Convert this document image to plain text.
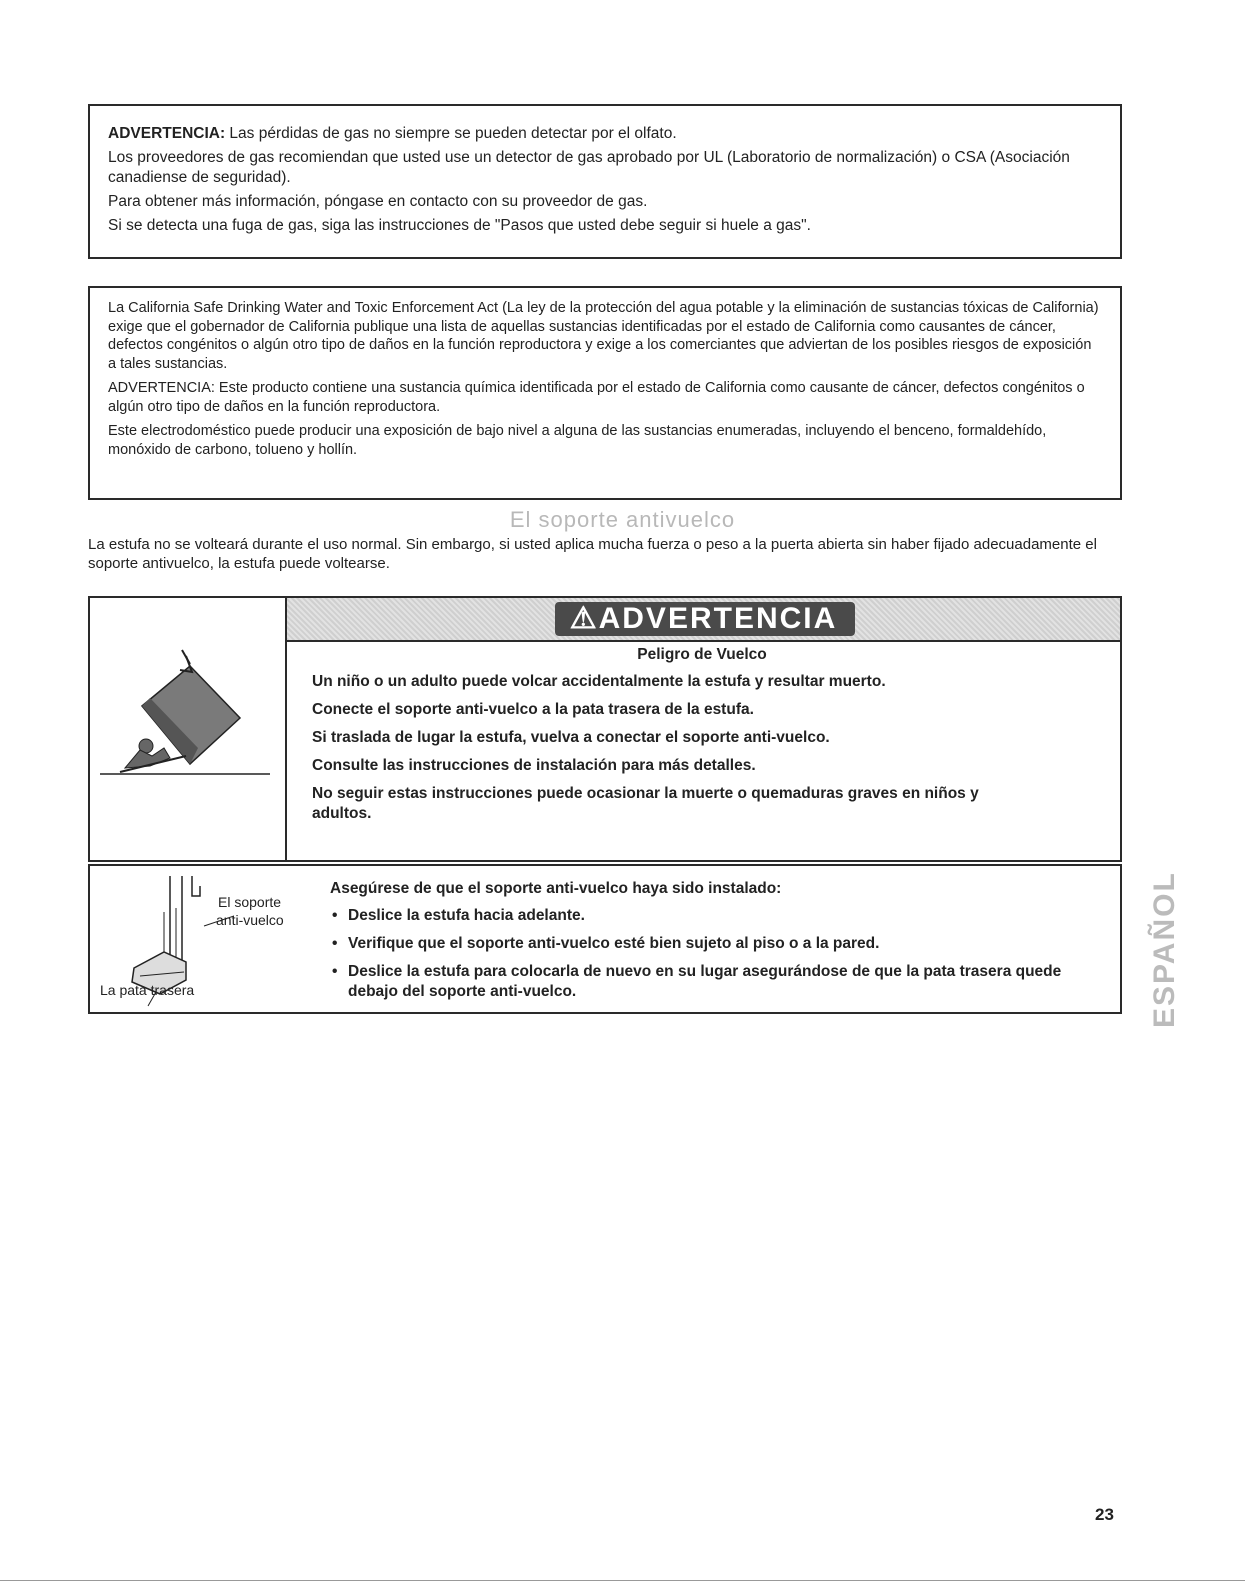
ADVERTENCIA: Las pérdidas de gas no siempre se pueden detectar por el olfato.

Los proveedores de gas recomiendan que usted use un detector de gas aprobado por UL (Laboratorio de normalización) o CSA (Asociación canadiense de seguridad).

Para obtener más información, póngase en contacto con su proveedor de gas.

Si se detecta una fuga de gas, siga las instrucciones de "Pasos que usted debe seguir si huele a gas".

La California Safe Drinking Water and Toxic Enforcement Act (La ley de la protección del agua potable y la eliminación de sustancias tóxicas de California) exige que el gobernador de California publique una lista de aquellas sustancias identificadas por el estado de California como causantes de cáncer, defectos congénitos o algún otro tipo de daños en la función reproductora y exige a los comerciantes que adviertan de los posibles riesgos de exposición a tales sustancias.

ADVERTENCIA: Este producto contiene una sustancia química identificada por el estado de California como causante de cáncer, defectos congénitos o algún otro tipo de daños en la función reproductora.

Este electrodoméstico puede producir una exposición de bajo nivel a alguna de las sustancias enumeradas, incluyendo el benceno, formaldehído, monóxido de carbono, tolueno y hollín.

El soporte antivuelco

La estufa no se volteará durante el uso normal. Sin embargo, si usted aplica mucha fuerza o peso a la puerta abierta sin haber fijado adecuadamente el soporte antivuelco, la estufa puede voltearse.

⚠ADVERTENCIA

Peligro de Vuelco

Un niño o un adulto puede volcar accidentalmente la estufa y resultar muerto.

Conecte el soporte anti-vuelco a la pata trasera de la estufa.

Si traslada de lugar la estufa, vuelva a conectar el soporte anti-vuelco.

Consulte las instrucciones de instalación para más detalles.

No seguir estas instrucciones puede ocasionar la muerte o quemaduras graves en niños y adultos.

El soporte
anti-vuelco
La pata trasera

Asegúrese de que el soporte anti-vuelco haya sido instalado:

• Deslice la estufa hacia adelante.
• Verifique que el soporte anti-vuelco esté bien sujeto al piso o a la pared.
• Deslice la estufa para colocarla de nuevo en su lugar asegurándose de que la pata trasera quede debajo del soporte anti-vuelco.	ESPAÑOL
23
